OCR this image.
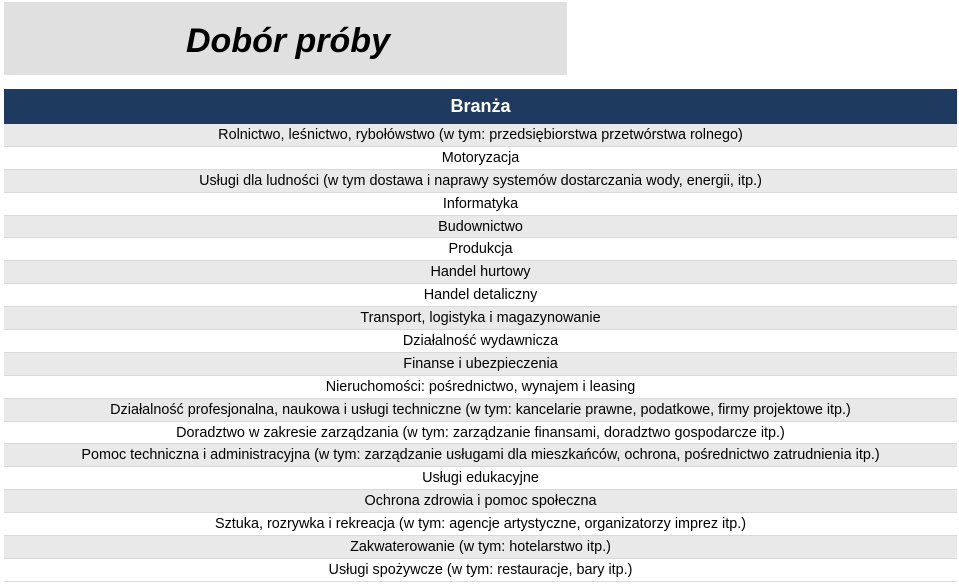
Dobór próby
Branża
Rolnictwo, leśnictwo, rybołówstwo (w tym: przedsiębiorstwa przetwórstwa rolnego)
Motoryzacja
Usługi dla ludności (w tym dostawa i naprawy systemów dostarczania wody, energii, itp.)
Informatyka
Budownictwo
Produkcja
Handel hurtowy
Handel detaliczny
Transport, logistyka i magazynowanie
Działalność wydawnicza
Finanse i ubezpieczenia
Nieruchomości: pośrednictwo, wynajem i leasing
Działalność profesjonalna, naukowa i usługi techniczne (w tym: kancelarie prawne, podatkowe, firmy projektowe itp.)
Doradztwo w zakresie zarządzania (w tym: zarządzanie finansami, doradztwo gospodarcze itp.)
Pomoc techniczna i administracyjna (w tym: zarządzanie usługami dla mieszkańców, ochrona, pośrednictwo zatrudnienia itp.)
Usługi edukacyjne
Ochrona zdrowia i pomoc społeczna
Sztuka, rozrywka i rekreacja (w tym: agencje artystyczne, organizatorzy imprez itp.)
Zakwaterowanie (w tym: hotelarstwo itp.)
Usługi spożywcze (w tym: restauracje, bary itp.)
